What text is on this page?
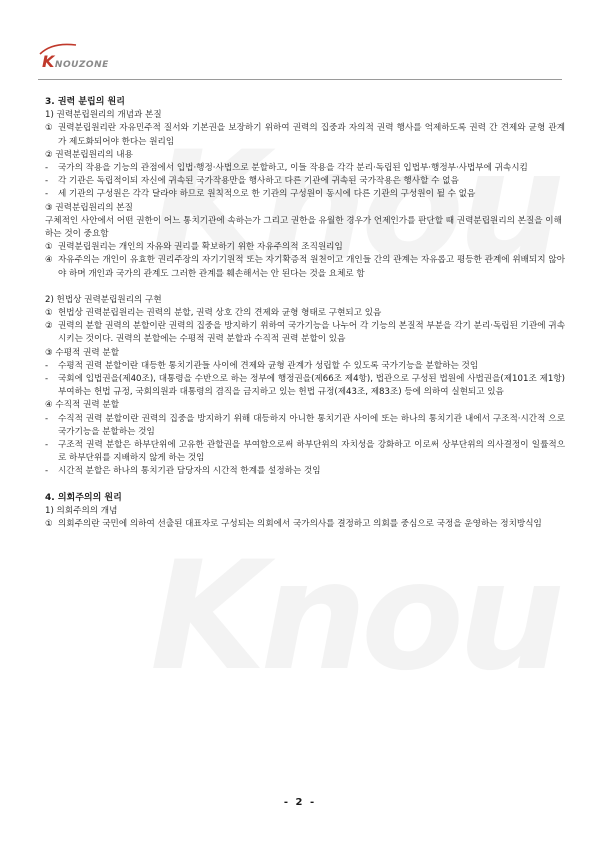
K NOUZONE

3. 권력 분립의 원리

1) 권력분립원리의 개념과 본질

① 권력분립원리란 자유민주적 질서와 기본권을 보장하기 위하여 권력의 집중과 자의적 권력 행사를 억제하도록 권력 간 견제와 균형 관계가 제도화되어야 한다는 원리임

② 권력분립원리의 내용

-	국가의 작용을 기능의 관점에서 입법·행정·사법으로 분할하고, 이들 작용을 각각 분리·독립된 입법부·행정부·사법부에 귀속시킴
-	각 기관은 독립적이되 자신에 귀속된 국가작용만을 행사하고 다른 기관에 귀속된 국가작용은 행사할 수 없음
-	세 기관의 구성원은 각각 달라야 하므로 원칙적으로 한 기관의 구성원이 동시에 다른 기관의 구성원이 될 수 없음

③ 권력분립원리의 본질

구체적인 사안에서 어떤 권한이 어느 통치기관에 속하는가 그리고 권한을 유월한 경우가 언제인가를 판단할 때 권력분립원리의 본질을 이해하는 것이 중요함

① 권력분립원리는 개인의 자유와 권리를 확보하기 위한 자유주의적 조직원리임
④ 자유주의는 개인이 유효한 권리주장의 자기기원적 또는 자기확증적 원천이고 개인들 간의 관계는 자유롭고 평등한 관계에 위배되지 않아야 하며 개인과 국가의 관계도 그러한 관계를 훼손해서는 안 된다는 것을 요체로 함

2) 헌법상 권력분립원리의 구현

① 헌법상 권력분립원리는 권력의 분할, 권력 상호 간의 견제와 균형 형태로 구현되고 있음
② 권력의 분할 권력의 분할이란 권력의 집중을 방지하기 위하여 국가기능을 나누어 각 기능의 본질적 부분을 각기 분리·독립된 기관에 귀속시키는 것이다. 권력의 분할에는 수평적 권력 분할과 수직적 권력 분할이 있음

③ 수평적 권력 분할

-	수평적 권력 분할이란 대등한 통치기관들 사이에 견제와 균형 관계가 성립할 수 있도록 국가기능을 분할하는 것임
-	국회에 입법권을(제40조), 대통령을 수반으로 하는 정부에 행정권을(제66조 제4항), 법관으로 구성된 법원에 사법권을(제101조 제1항) 부여하는 헌법 규정, 국회의원과 대통령의 겸직을 금지하고 있는 헌법 규정(제43조, 제83조) 등에 의하여 실현되고 있음

④ 수직적 권력 분할

-	수직적 권력 분할이란 권력의 집중을 방지하기 위해 대등하지 아니한 통치기관 사이에 또는 하나의 통치기관 내에서 구조적·시간적 으로 국가기능을 분할하는 것임
-	구조적 권력 분할은 하부단위에 고유한 관할권을 부여함으로써 하부단위의 자치성을 강화하고 이로써 상부단위의 의사결정이 일률적으로 하부단위를 지배하지 않게 하는 것임
-	시간적 분할은 하나의 통치기관 담당자의 시간적 한계를 설정하는 것임

4. 의회주의의 원리

1) 의회주의의 개념

① 의회주의란 국민에 의하여 선출된 대표자로 구성되는 의회에서 국가의사를 결정하고 의회를 중심으로 국정을 운영하는 정치방식임
- 2 -
